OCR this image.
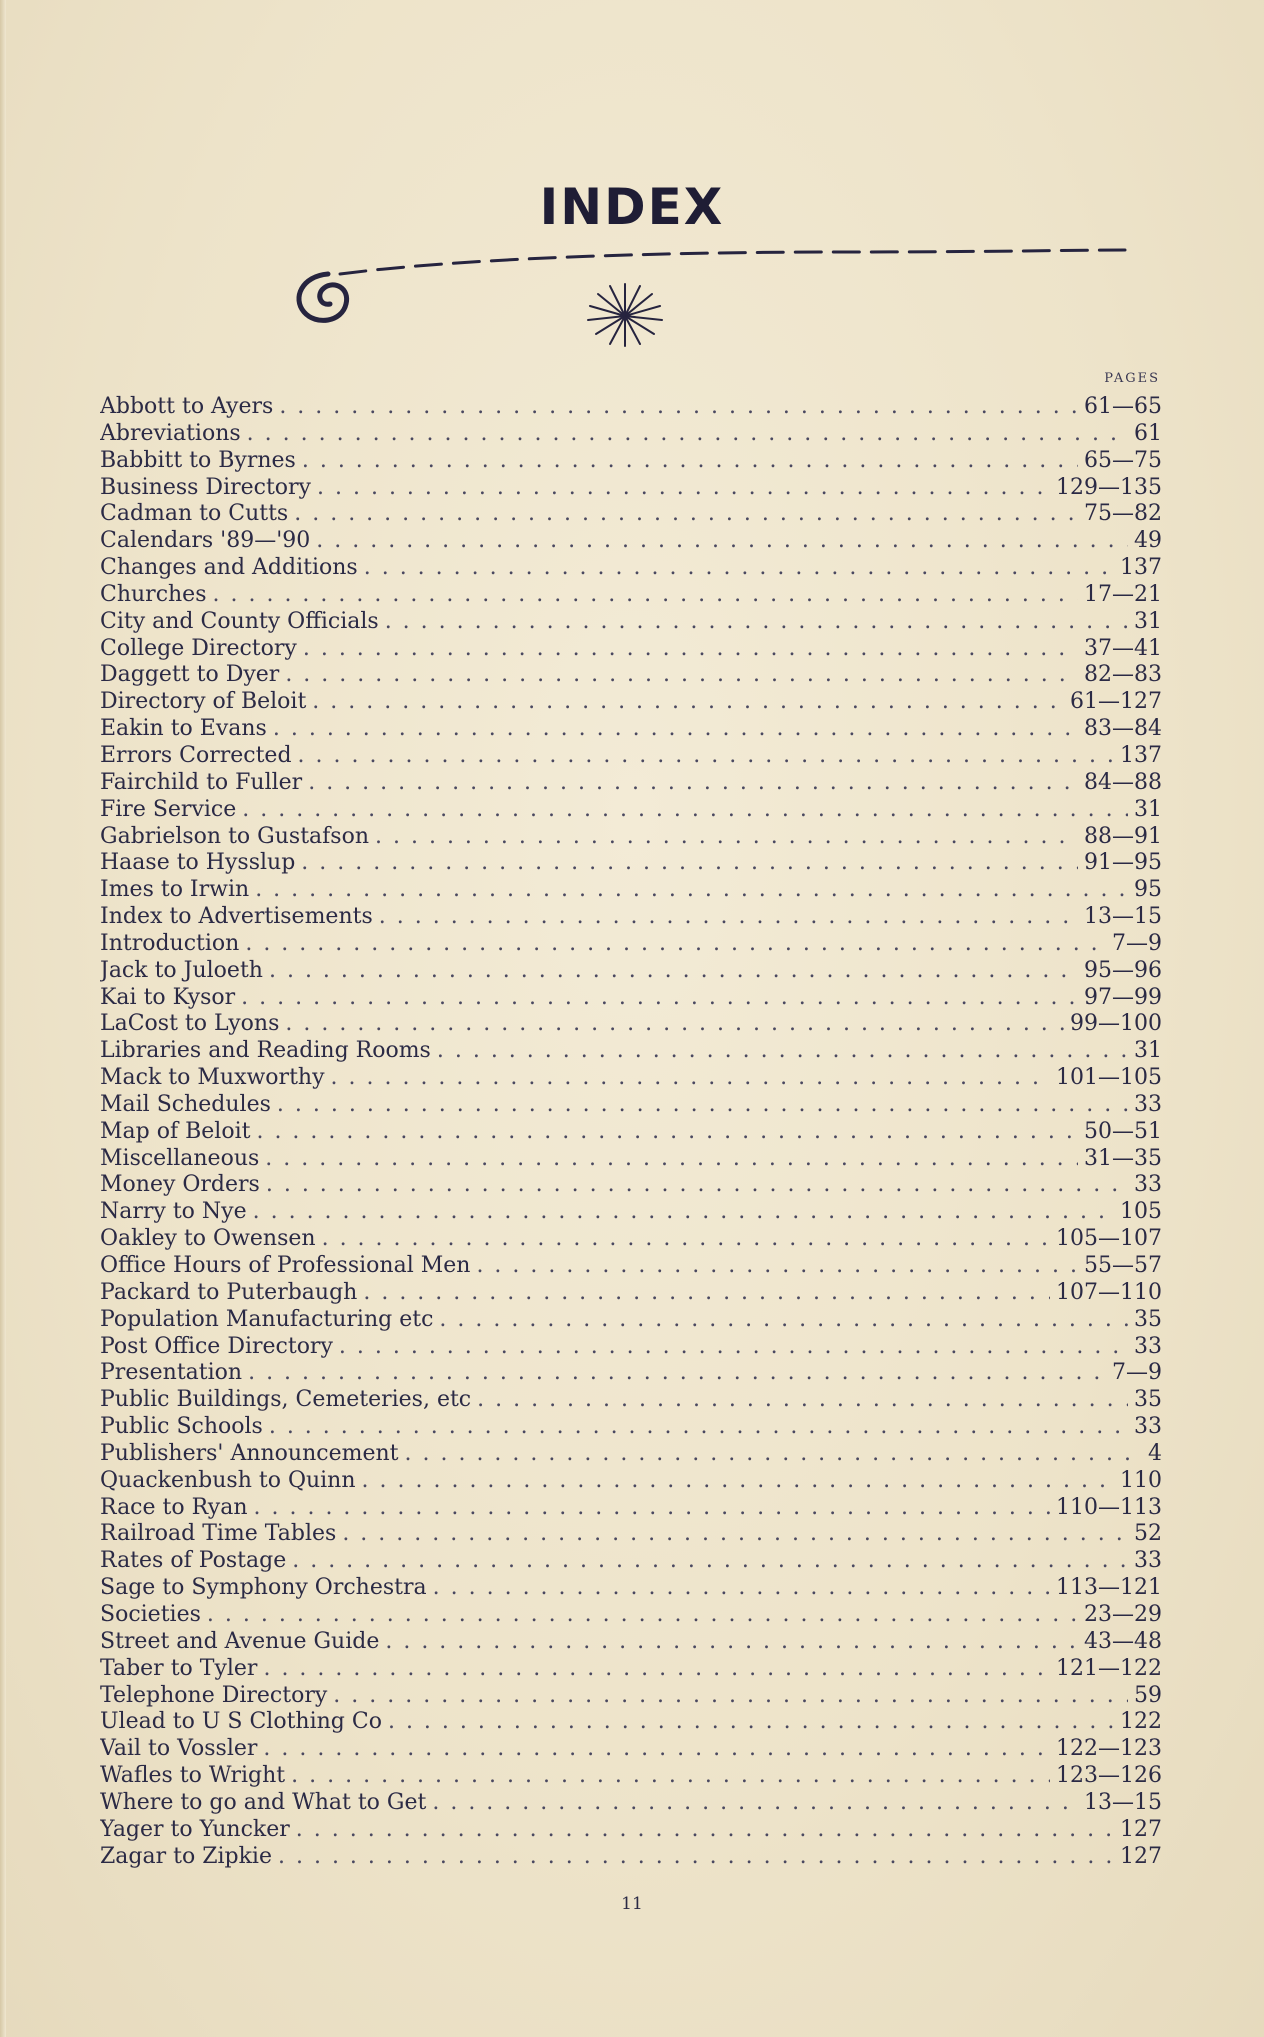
INDEX
PAGES
Abbott to Ayers . . .	61—65
Abreviations . . .	61
Babbitt to Byrnes . . .	65—75
Business Directory . . .	129—135
Cadman to Cutts . . .	75—82
Calendars '89—'90 . . .	49
Changes and Additions . . .	137
Churches . . .	17—21
City and County Officials . . .	31
College Directory . . .	37—41
Daggett to Dyer . . .	82—83
Directory of Beloit . . .	61—127
Eakin to Evans . . .	83—84
Errors Corrected . . .	137
Fairchild to Fuller . . .	84—88
Fire Service . . .	31
Gabrielson to Gustafson . . .	88—91
Haase to Hysslup . . .	91—95
Imes to Irwin . . .	95
Index to Advertisements . . .	13—15
Introduction . . .	7—9
Jack to Juloeth . . .	95—96
Kai to Kysor . . .	97—99
LaCost to Lyons . . .	99—100
Libraries and Reading Rooms . . .	31
Mack to Muxworthy . . .	101—105
Mail Schedules . . .	33
Map of Beloit . . .	50—51
Miscellaneous . . .	31—35
Money Orders . . .	33
Narry to Nye . . .	105
Oakley to Owensen . . .	105—107
Office Hours of Professional Men . . .	55—57
Packard to Puterbaugh . . .	107—110
Population Manufacturing etc . . .	35
Post Office Directory . . .	33
Presentation . . .	7—9
Public Buildings, Cemeteries, etc . . .	35
Public Schools . . .	33
Publishers' Announcement . . .	4
Quackenbush to Quinn . . .	110
Race to Ryan . . .	110—113
Railroad Time Tables . . .	52
Rates of Postage . . .	33
Sage to Symphony Orchestra . . .	113—121
Societies . . .	23—29
Street and Avenue Guide . . .	43—48
Taber to Tyler . . .	121—122
Telephone Directory . . .	59
Ulead to U S Clothing Co . . .	122
Vail to Vossler . . .	122—123
Wafles to Wright . . .	123—126
Where to go and What to Get . . .	13—15
Yager to Yuncker . . .	127
Zagar to Zipkie . . .	127
11
